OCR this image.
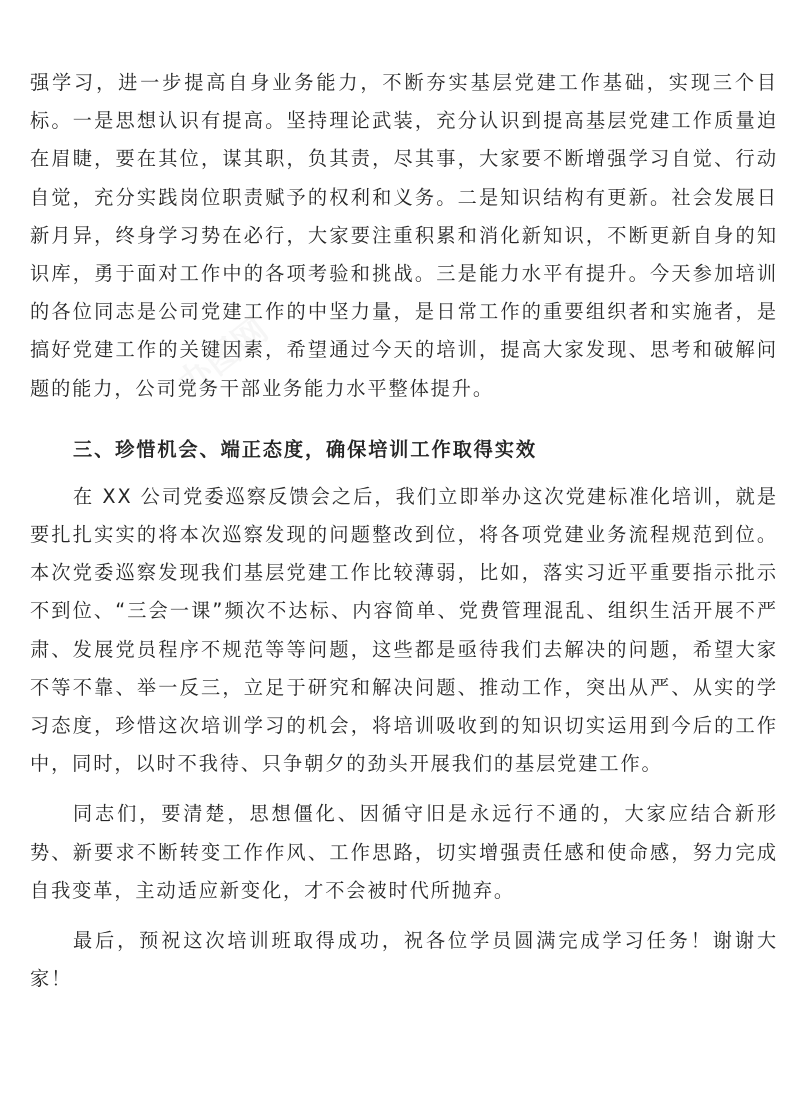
办图网

强学习，进一步提高自身业务能力，不断夯实基层党建工作基础，实现三个目标。一是思想认识有提高。坚持理论武装，充分认识到提高基层党建工作质量迫在眉睫，要在其位，谋其职，负其责，尽其事，大家要不断增强学习自觉、行动自觉，充分实践岗位职责赋予的权利和义务。二是知识结构有更新。社会发展日新月异，终身学习势在必行，大家要注重积累和消化新知识，不断更新自身的知识库，勇于面对工作中的各项考验和挑战。三是能力水平有提升。今天参加培训的各位同志是公司党建工作的中坚力量，是日常工作的重要组织者和实施者，是搞好党建工作的关键因素，希望通过今天的培训，提高大家发现、思考和破解问题的能力，公司党务干部业务能力水平整体提升。

三、珍惜机会、端正态度，确保培训工作取得实效

在 XX 公司党委巡察反馈会之后，我们立即举办这次党建标准化培训，就是要扎扎实实的将本次巡察发现的问题整改到位，将各项党建业务流程规范到位。本次党委巡察发现我们基层党建工作比较薄弱，比如，落实习近平重要指示批示不到位、“三会一课”频次不达标、内容简单、党费管理混乱、组织生活开展不严肃、发展党员程序不规范等等问题，这些都是亟待我们去解决的问题，希望大家不等不靠、举一反三，立足于研究和解决问题、推动工作，突出从严、从实的学习态度，珍惜这次培训学习的机会，将培训吸收到的知识切实运用到今后的工作中，同时，以时不我待、只争朝夕的劲头开展我们的基层党建工作。

同志们，要清楚，思想僵化、因循守旧是永远行不通的，大家应结合新形势、新要求不断转变工作作风、工作思路，切实增强责任感和使命感，努力完成自我变革，主动适应新变化，才不会被时代所抛弃。

最后，预祝这次培训班取得成功，祝各位学员圆满完成学习任务！谢谢大家！
